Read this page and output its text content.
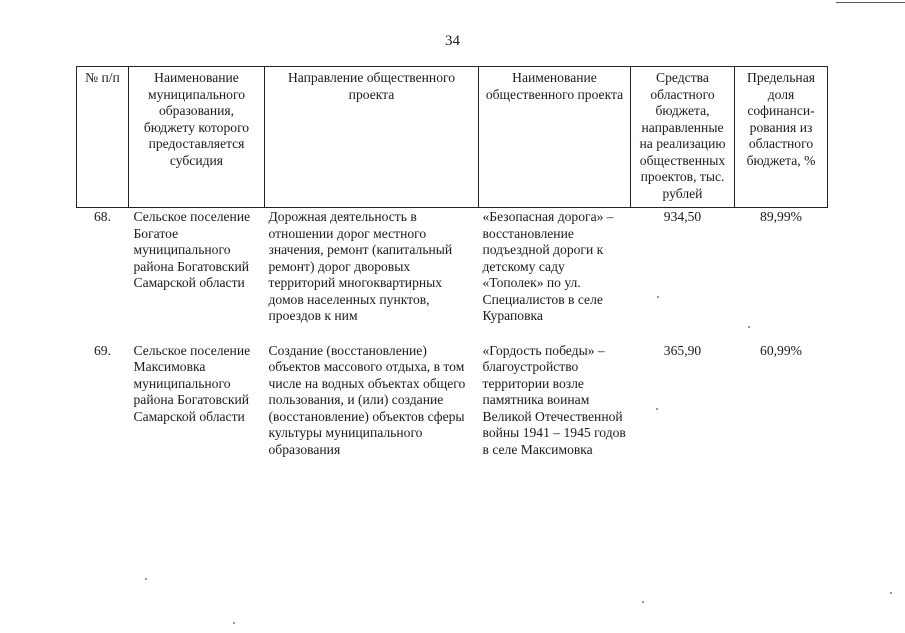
34
№ п/п	Наименование муниципального образования, бюджету которого предоставляется субсидия	Направление общественного проекта	Наименование общественного проекта	Средства областного бюджета, направленные на реализацию общественных проектов, тыс. рублей	Предельная доля софинанси-рования из областного бюджета, %
68.	Сельское поселение Богатое муниципального района Богатовский Самарской области	Дорожная деятельность в отношении дорог местного значения, ремонт (капитальный ремонт) дорог дворовых территорий многоквартирных домов населенных пунктов, проездов к ним	«Безопасная дорога» – восстановление подъездной дороги к детскому саду «Тополек» по ул. Специалистов в селе Кураповка	934,50	89,99%
69.	Сельское поселение Максимовка муниципального района Богатовский Самарской области	Создание (восстановление) объектов массового отдыха, в том числе на водных объектах общего пользования, и (или) создание (восстановление) объектов сферы культуры муниципального образования	«Гордость победы» – благоустройство территории возле памятника воинам Великой Отечественной войны 1941 – 1945 годов в селе Максимовка	365,90	60,99%
